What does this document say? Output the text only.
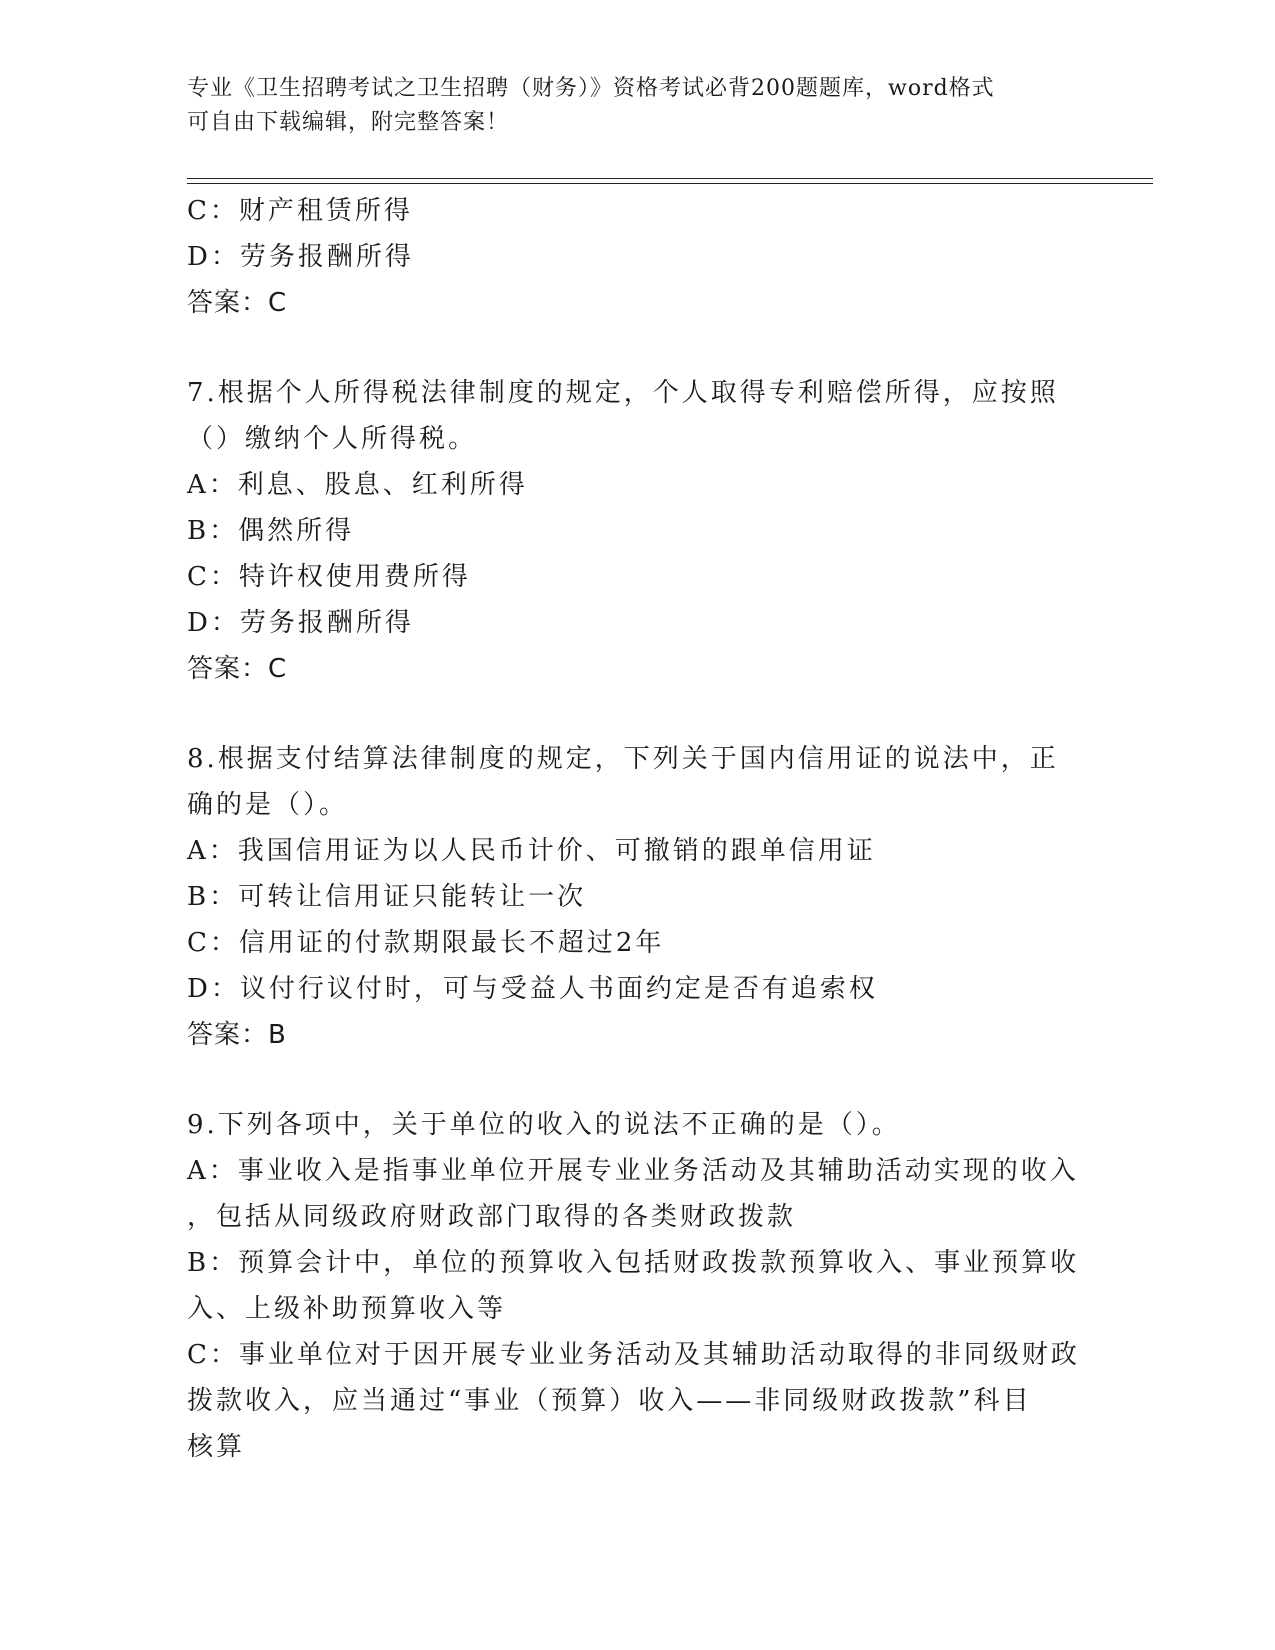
专业《卫生招聘考试之卫生招聘（财务）》资格考试必背200题题库，word格式
可自由下载编辑，附完整答案！
C：财产租赁所得
D：劳务报酬所得
答案：C
7.根据个人所得税法律制度的规定，个人取得专利赔偿所得，应按照
（）缴纳个人所得税。
A：利息、股息、红利所得
B：偶然所得
C：特许权使用费所得
D：劳务报酬所得
答案：C
8.根据支付结算法律制度的规定，下列关于国内信用证的说法中，正
确的是（）。
A：我国信用证为以人民币计价、可撤销的跟单信用证
B：可转让信用证只能转让一次
C：信用证的付款期限最长不超过2年
D：议付行议付时，可与受益人书面约定是否有追索权
答案：B
9.下列各项中，关于单位的收入的说法不正确的是（）。
A：事业收入是指事业单位开展专业业务活动及其辅助活动实现的收入
，包括从同级政府财政部门取得的各类财政拨款
B：预算会计中，单位的预算收入包括财政拨款预算收入、事业预算收
入、上级补助预算收入等
C：事业单位对于因开展专业业务活动及其辅助活动取得的非同级财政
拨款收入，应当通过“事业（预算）收入——非同级财政拨款”科目
核算
